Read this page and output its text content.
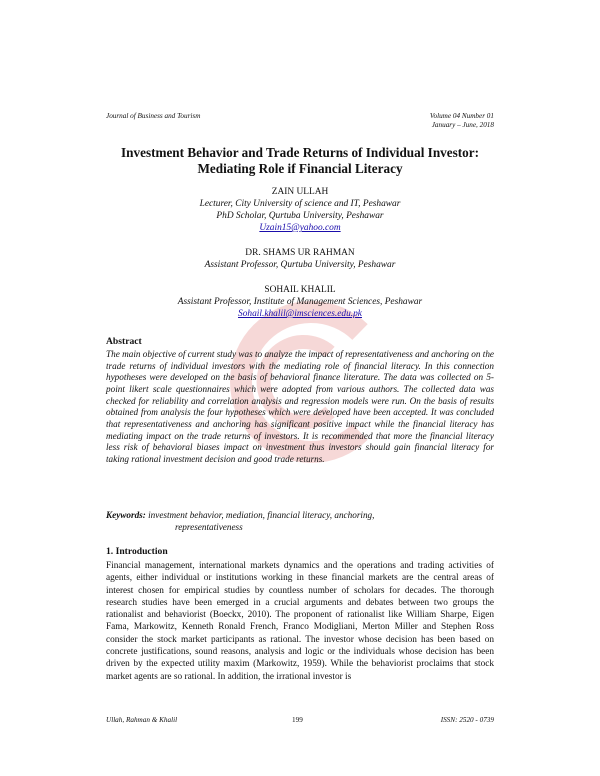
Journal of Business and Tourism	Volume 04 Number 01
January – June, 2018
Investment Behavior and Trade Returns of Individual Investor:
Mediating Role if Financial Literacy
ZAIN ULLAH
Lecturer, City University of science and IT, Peshawar
PhD Scholar, Qurtuba University, Peshawar
Uzain15@yahoo.com
DR. SHAMS UR RAHMAN
Assistant Professor, Qurtuba University, Peshawar
SOHAIL KHALIL
Assistant Professor, Institute of Management Sciences, Peshawar
Sohail.khalil@imsciences.edu.pk
Abstract
The main objective of current study was to analyze the impact of representativeness and anchoring on the trade returns of individual investors with the mediating role of financial literacy. In this connection hypotheses were developed on the basis of behavioral finance literature. The data was collected on 5-point likert scale questionnaires which were adopted from various authors. The collected data was checked for reliability and correlation analysis and regression models were run. On the basis of results obtained from analysis the four hypotheses which were developed have been accepted. It was concluded that representativeness and anchoring has significant positive impact while the financial literacy has mediating impact on the trade returns of investors. It is recommended that more the financial literacy less risk of behavioral biases impact on investment thus investors should gain financial literacy for taking rational investment decision and good trade returns.
Keywords: investment behavior, mediation, financial literacy, anchoring,
representativeness
1. Introduction
Financial management, international markets dynamics and the operations and trading activities of agents, either individual or institutions working in these financial markets are the central areas of interest chosen for empirical studies by countless number of scholars for decades. The thorough research studies have been emerged in a crucial arguments and debates between two groups the rationalist and behaviorist (Boeckx, 2010). The proponent of rationalist like William Sharpe, Eigen Fama, Markowitz, Kenneth Ronald French, Franco Modigliani, Merton Miller and Stephen Ross consider the stock market participants as rational. The investor whose decision has been based on concrete justifications, sound reasons, analysis and logic or the individuals whose decision has been driven by the expected utility maxim (Markowitz, 1959). While the behaviorist proclaims that stock market agents are so rational. In addition, the irrational investor is
Ullah, Rahman & Khalil	199	ISSN: 2520 - 0739
